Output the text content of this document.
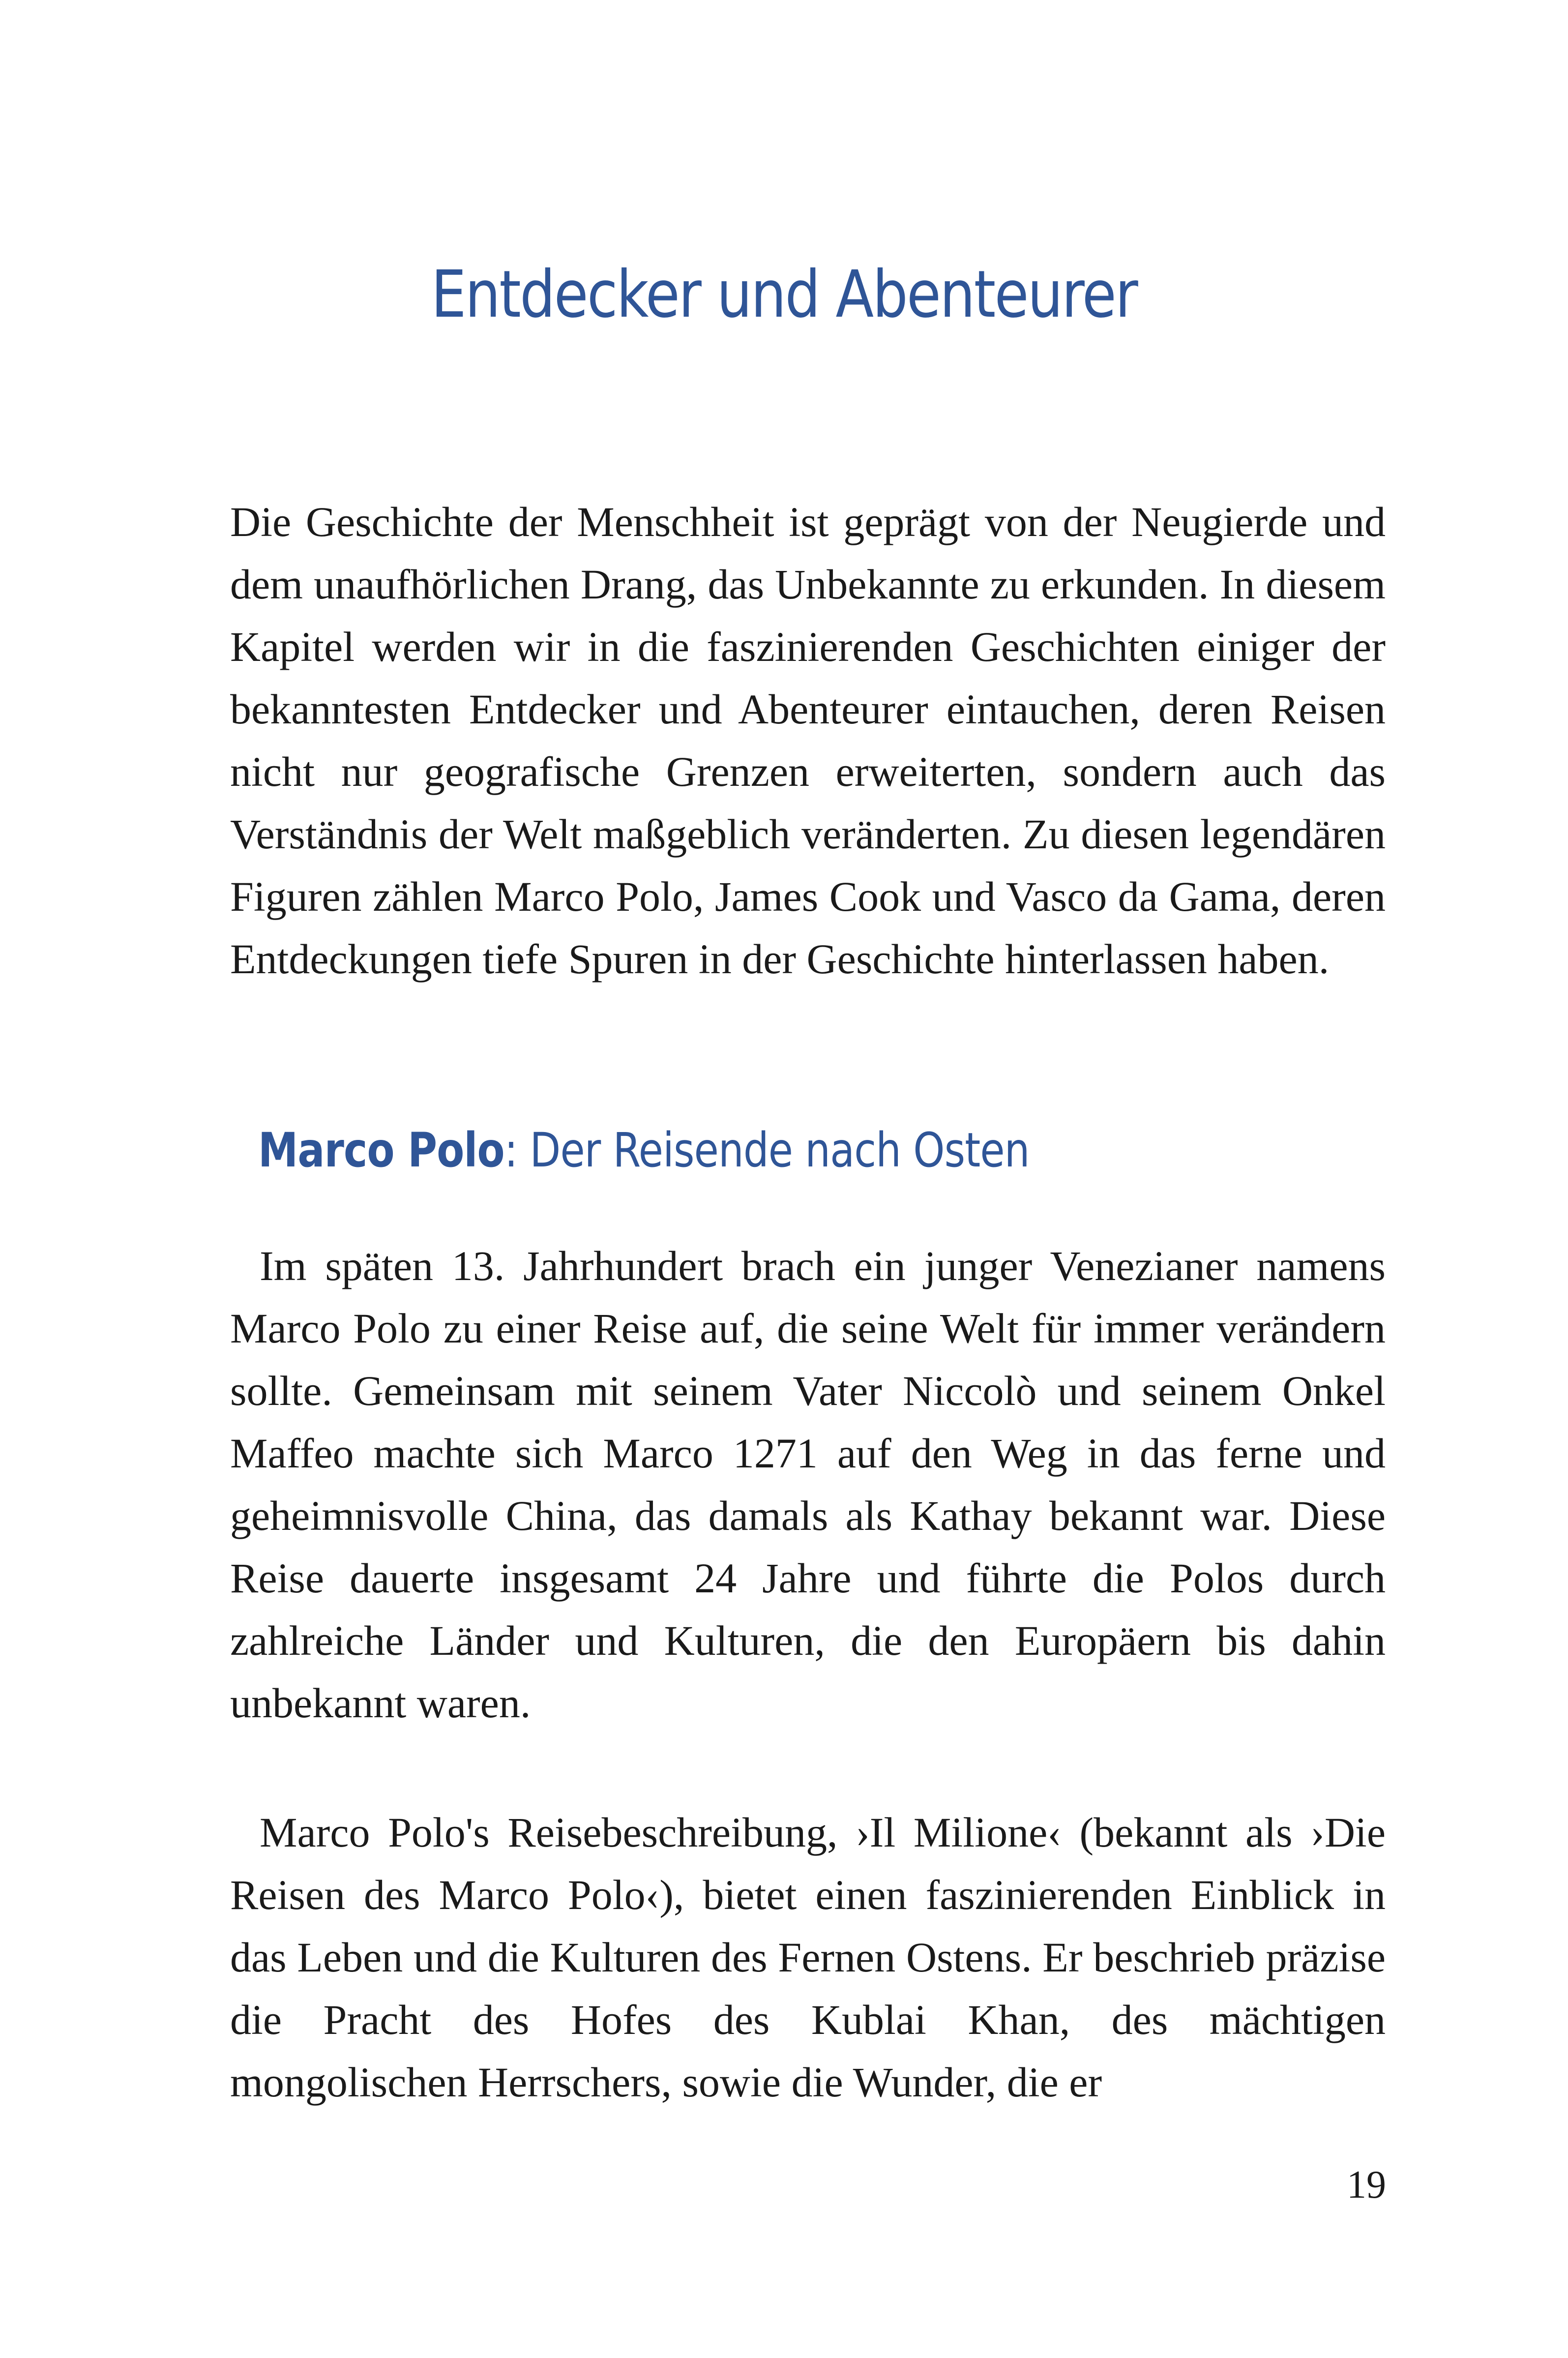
Entdecker und Abenteurer

Die Geschichte der Menschheit ist geprägt von der Neugierde und dem unaufhörlichen Drang, das Unbekannte zu erkunden. In diesem Kapitel werden wir in die faszinierenden Geschichten einiger der bekanntesten Entdecker und Abenteurer eintauchen, deren Reisen nicht nur geografische Grenzen erweiterten, sondern auch das Verständnis der Welt maßgeblich veränderten. Zu diesen legendären Figuren zählen Marco Polo, James Cook und Vasco da Gama, deren Entdeckungen tiefe Spuren in der Geschichte hinterlassen haben.

Marco Polo: Der Reisende nach Osten

Im späten 13. Jahrhundert brach ein junger Venezianer namens Marco Polo zu einer Reise auf, die seine Welt für immer verändern sollte. Gemeinsam mit seinem Vater Niccolò und seinem Onkel Maffeo machte sich Marco 1271 auf den Weg in das ferne und geheimnisvolle China, das damals als Kathay bekannt war. Diese Reise dauerte insgesamt 24 Jahre und führte die Polos durch zahlreiche Länder und Kulturen, die den Europäern bis dahin unbekannt waren.

Marco Polo's Reisebeschreibung, ›Il Milione‹ (bekannt als ›Die Reisen des Marco Polo‹), bietet einen faszinierenden Einblick in das Leben und die Kulturen des Fernen Ostens. Er beschrieb präzise die Pracht des Hofes des Kublai Khan, des mächtigen mongolischen Herrschers, sowie die Wunder, die er

19
